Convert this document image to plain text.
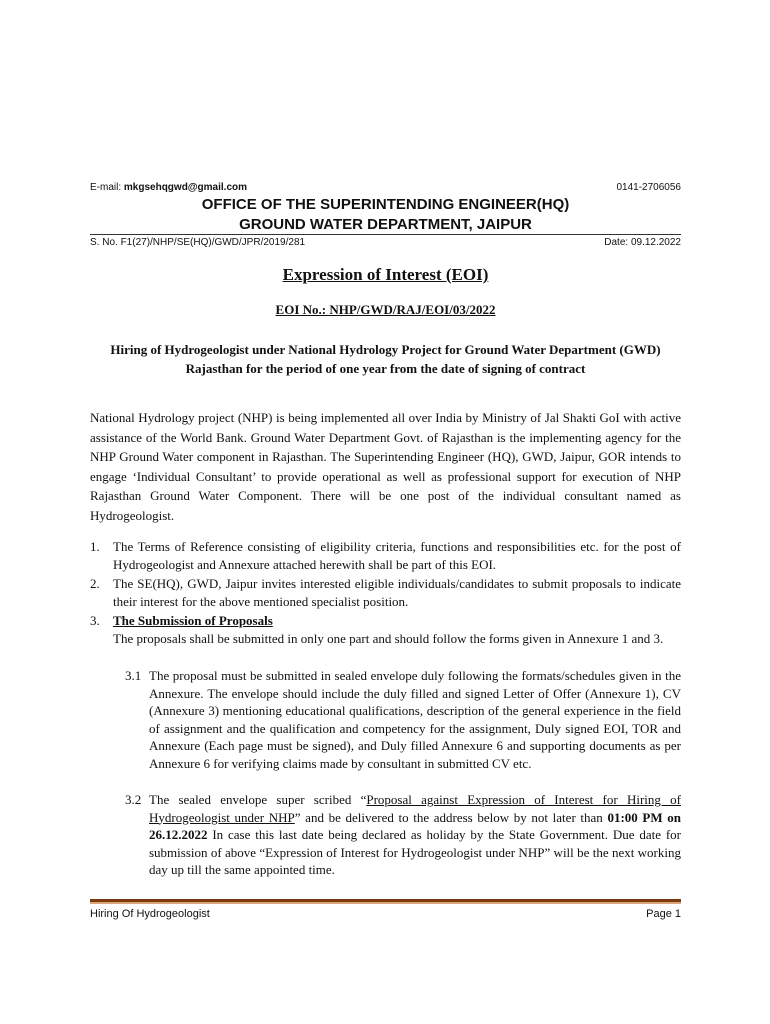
E-mail: mkgsehqgwd@gmail.com	0141-2706056
OFFICE OF THE SUPERINTENDING ENGINEER(HQ)
GROUND WATER DEPARTMENT, JAIPUR
S. No. F1(27)/NHP/SE(HQ)/GWD/JPR/2019/281	Date: 09.12.2022
Expression of Interest (EOI)
EOI No.: NHP/GWD/RAJ/EOI/03/2022
Hiring of Hydrogeologist under National Hydrology Project for Ground Water Department (GWD) Rajasthan for the period of one year from the date of signing of contract
National Hydrology project (NHP) is being implemented all over India by Ministry of Jal Shakti GoI with active assistance of the World Bank. Ground Water Department Govt. of Rajasthan is the implementing agency for the NHP Ground Water component in Rajasthan. The Superintending Engineer (HQ), GWD, Jaipur, GOR intends to engage ‘Individual Consultant’ to provide operational as well as professional support for execution of NHP Rajasthan Ground Water Component. There will be one post of the individual consultant named as Hydrogeologist.
1.	The Terms of Reference consisting of eligibility criteria, functions and responsibilities etc. for the post of Hydrogeologist and Annexure attached herewith shall be part of this EOI.
2.	The SE(HQ), GWD, Jaipur invites interested eligible individuals/candidates to submit proposals to indicate their interest for the above mentioned specialist position.
3.	The Submission of Proposals
The proposals shall be submitted in only one part and should follow the forms given in Annexure 1 and 3.
3.1 The proposal must be submitted in sealed envelope duly following the formats/schedules given in the Annexure. The envelope should include the duly filled and signed Letter of Offer (Annexure 1), CV (Annexure 3) mentioning educational qualifications, description of the general experience in the field of assignment and the qualification and competency for the assignment, Duly signed EOI, TOR and Annexure (Each page must be signed), and Duly filled Annexure 6 and supporting documents as per Annexure 6 for verifying claims made by consultant in submitted CV etc.
3.2 The sealed envelope super scribed “Proposal against Expression of Interest for Hiring of Hydrogeologist under NHP” and be delivered to the address below by not later than 01:00 PM on 26.12.2022 In case this last date being declared as holiday by the State Government. Due date for submission of above “Expression of Interest for Hydrogeologist under NHP” will be the next working day up till the same appointed time.
Hiring Of Hydrogeologist	Page 1
